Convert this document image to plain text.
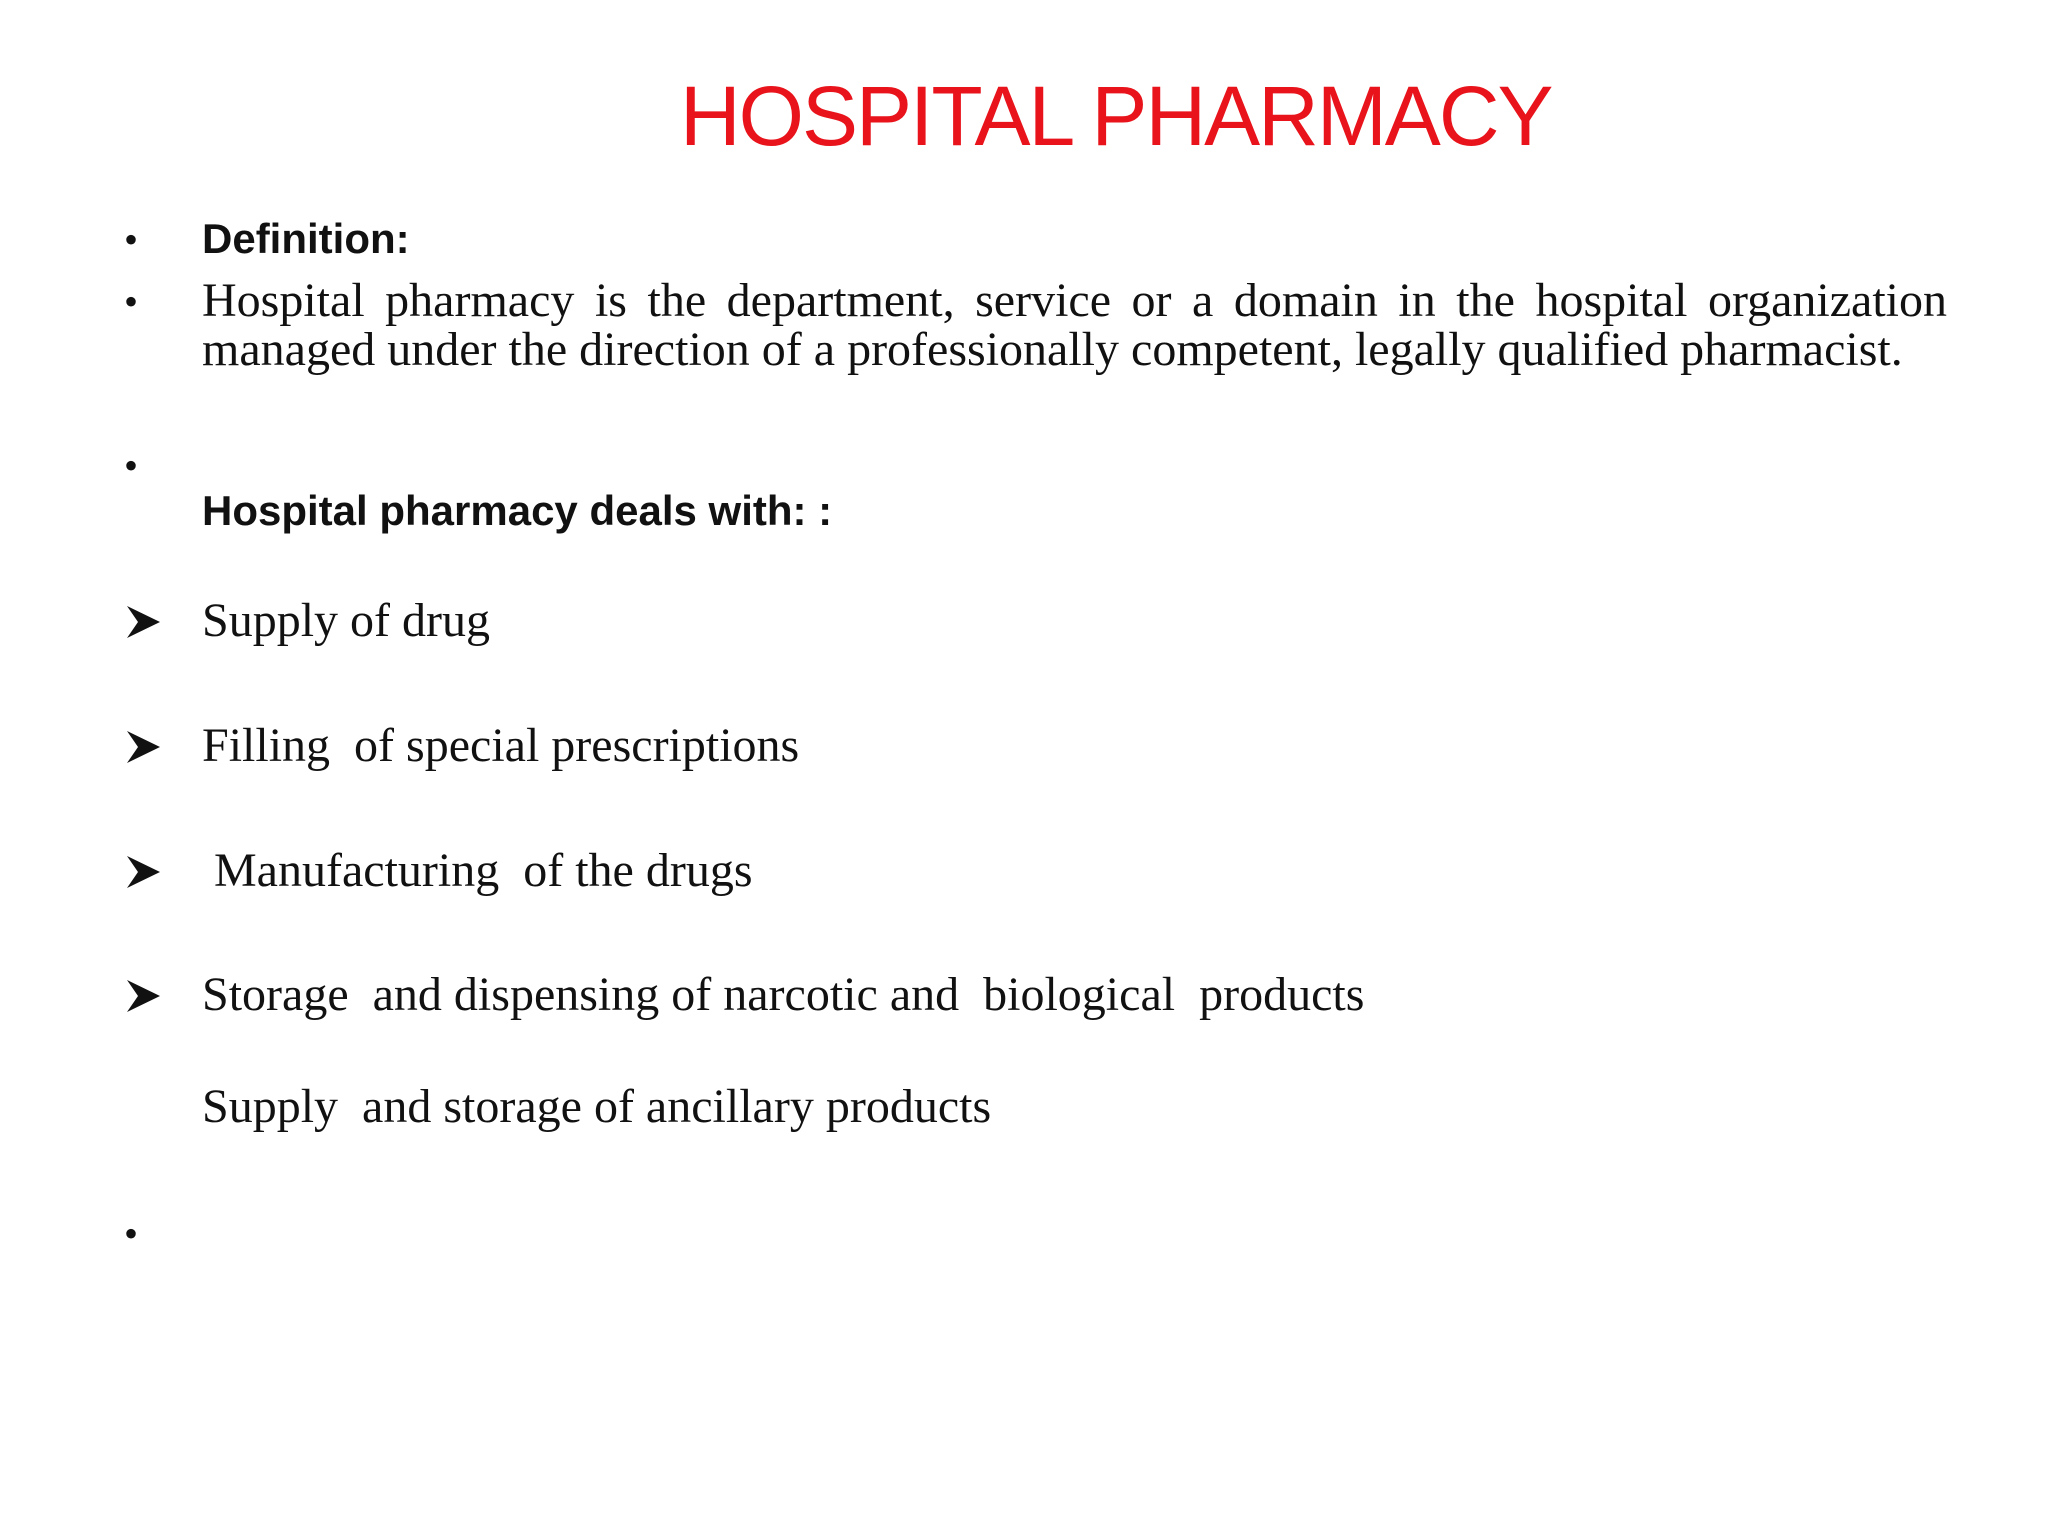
HOSPITAL PHARMACY
• Definition:
• Hospital pharmacy is the department, service or a domain in the hospital organization managed under the direction of a professionally competent, legally qualified pharmacist.

•
Hospital pharmacy deals with: :
Supply of drug
Filling  of special prescriptions
Manufacturing  of the drugs
Storage  and dispensing of narcotic and  biological  products
Supply  and storage of ancillary products
•
